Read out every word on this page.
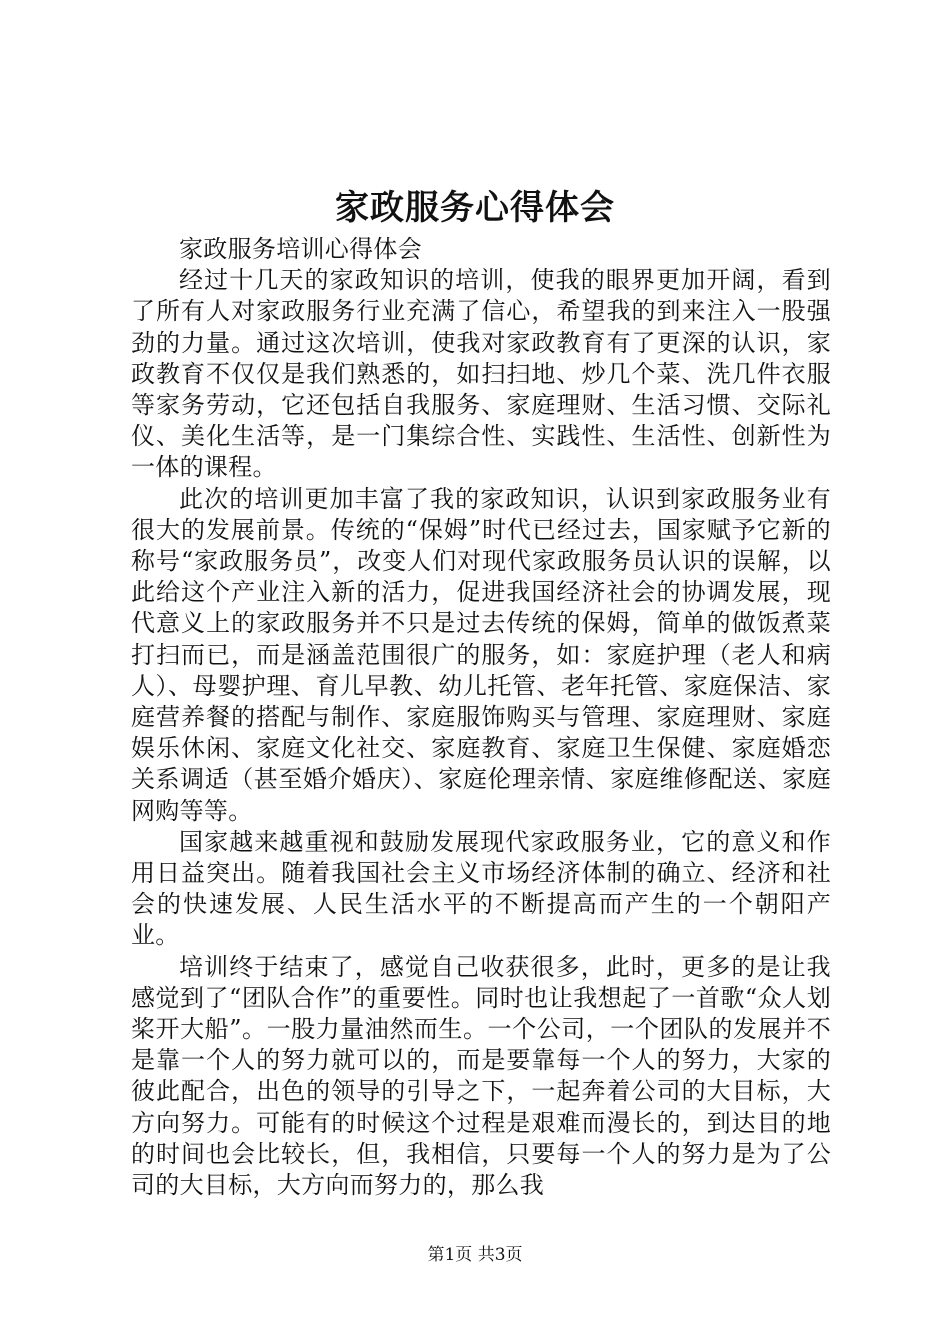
家政服务心得体会

家政服务培训心得体会

经过十几天的家政知识的培训，使我的眼界更加开阔，看到了所有人对家政服务行业充满了信心，希望我的到来注入一股强劲的力量。通过这次培训，使我对家政教育有了更深的认识，家政教育不仅仅是我们熟悉的，如扫扫地、炒几个菜、洗几件衣服等家务劳动，它还包括自我服务、家庭理财、生活习惯、交际礼仪、美化生活等，是一门集综合性、实践性、生活性、创新性为一体的课程。

此次的培训更加丰富了我的家政知识，认识到家政服务业有很大的发展前景。传统的“保姆”时代已经过去，国家赋予它新的称号“家政服务员”，改变人们对现代家政服务员认识的误解，以此给这个产业注入新的活力，促进我国经济社会的协调发展，现代意义上的家政服务并不只是过去传统的保姆，简单的做饭煮菜打扫而已，而是涵盖范围很广的服务，如：家庭护理（老人和病人）、母婴护理、育儿早教、幼儿托管、老年托管、家庭保洁、家庭营养餐的搭配与制作、家庭服饰购买与管理、家庭理财、家庭娱乐休闲、家庭文化社交、家庭教育、家庭卫生保健、家庭婚恋关系调适（甚至婚介婚庆）、家庭伦理亲情、家庭维修配送、家庭网购等等。

国家越来越重视和鼓励发展现代家政服务业，它的意义和作用日益突出。随着我国社会主义市场经济体制的确立、经济和社会的快速发展、人民生活水平的不断提高而产生的一个朝阳产业。

培训终于结束了，感觉自己收获很多，此时，更多的是让我感觉到了“团队合作”的重要性。同时也让我想起了一首歌“众人划桨开大船”。一股力量油然而生。一个公司，一个团队的发展并不是靠一个人的努力就可以的，而是要靠每一个人的努力，大家的彼此配合，出色的领导的引导之下，一起奔着公司的大目标，大方向努力。可能有的时候这个过程是艰难而漫长的，到达目的地的时间也会比较长，但，我相信，只要每一个人的努力是为了公司的大目标，大方向而努力的，那么我

第1页 共3页
